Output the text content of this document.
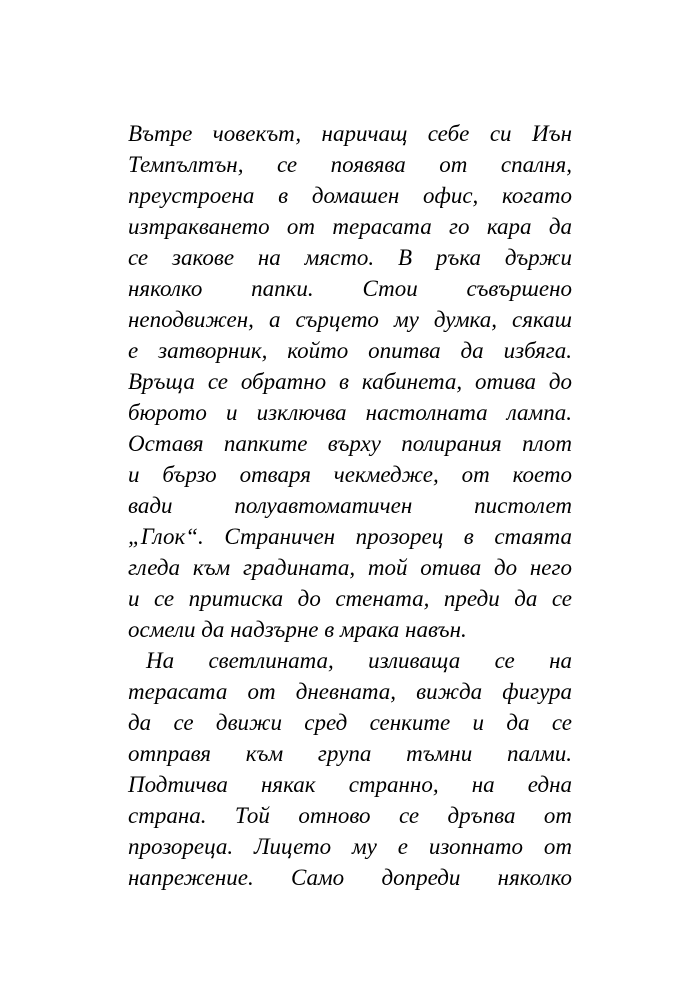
Вътре човекът, наричащ себе си Иън
Темпълтън, се появява от спалня,
преустроена в домашен офис, когато
изтракването от терасата го кара да
се закове на място. В ръка държи
няколко папки. Стои съвършено
неподвижен, а сърцето му думка, сякаш
е затворник, който опитва да избяга.
Връща се обратно в кабинета, отива до
бюрото и изключва настолната лампа.
Оставя папките върху полирания плот
и бързо отваря чекмедже, от което
вади полуавтоматичен пистолет
„Глок“. Страничен прозорец в стаята
гледа към градината, той отива до него
и се притиска до стената, преди да се
осмели да надзърне в мрака навън.
На светлината, изливаща се на
терасата от дневната, вижда фигура
да се движи сред сенките и да се
отправя към група тъмни палми.
Подтичва някак странно, на една
страна. Той отново се дръпва от
прозореца. Лицето му е изопнато от
напрежение. Само допреди няколко
